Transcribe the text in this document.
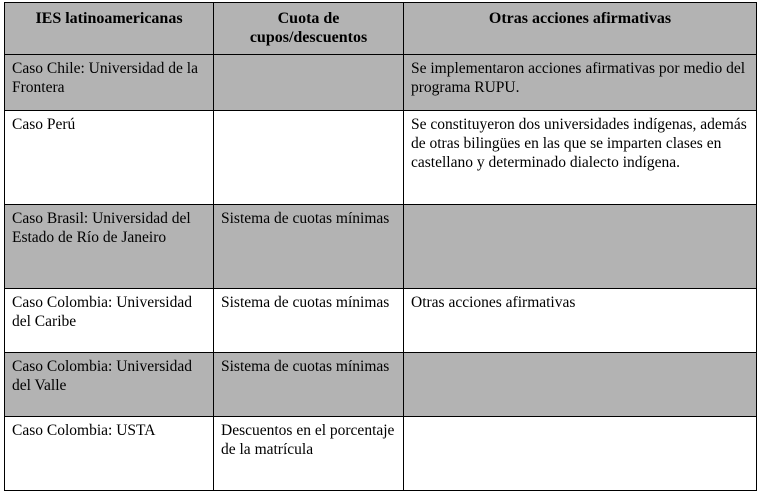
IES latinoamericanas	Cuota de cupos/descuentos	Otras acciones afirmativas
Caso Chile: Universidad de la Frontera		Se implementaron acciones afirmativas por medio del programa RUPU.
Caso Perú		Se constituyeron dos universidades indígenas, además de otras bilingües en las que se imparten clases en castellano y determinado dialecto indígena.
Caso Brasil: Universidad del Estado de Río de Janeiro	Sistema de cuotas mínimas	
Caso Colombia: Universidad del Caribe	Sistema de cuotas mínimas	Otras acciones afirmativas
Caso Colombia: Universidad del Valle	Sistema de cuotas mínimas	
Caso Colombia: USTA	Descuentos en el porcentaje de la matrícula	
